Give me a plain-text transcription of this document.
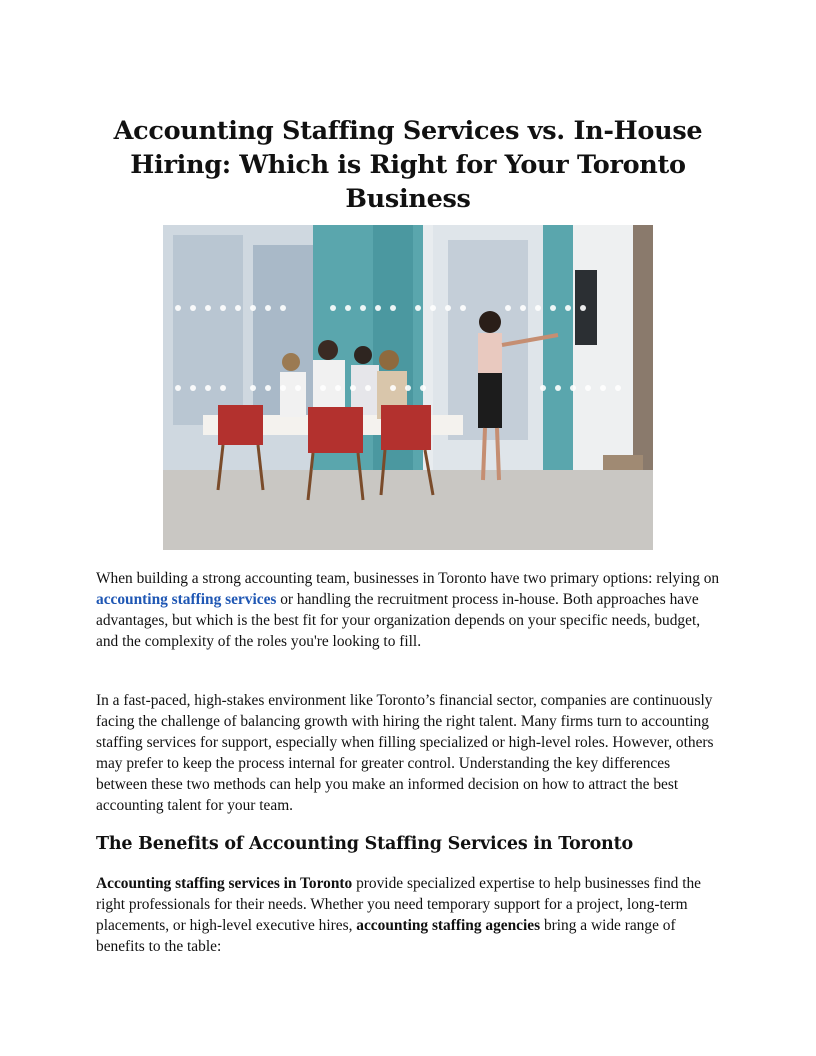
Accounting Staffing Services vs. In-House Hiring: Which is Right for Your Toronto Business

When building a strong accounting team, businesses in Toronto have two primary options: relying on accounting staffing services or handling the recruitment process in-house. Both approaches have advantages, but which is the best fit for your organization depends on your specific needs, budget, and the complexity of the roles you're looking to fill.

In a fast-paced, high-stakes environment like Toronto’s financial sector, companies are continuously facing the challenge of balancing growth with hiring the right talent. Many firms turn to accounting staffing services for support, especially when filling specialized or high-level roles. However, others may prefer to keep the process internal for greater control. Understanding the key differences between these two methods can help you make an informed decision on how to attract the best accounting talent for your team.

The Benefits of Accounting Staffing Services in Toronto

Accounting staffing services in Toronto provide specialized expertise to help businesses find the right professionals for their needs. Whether you need temporary support for a project, long-term placements, or high-level executive hires, accounting staffing agencies bring a wide range of benefits to the table:
